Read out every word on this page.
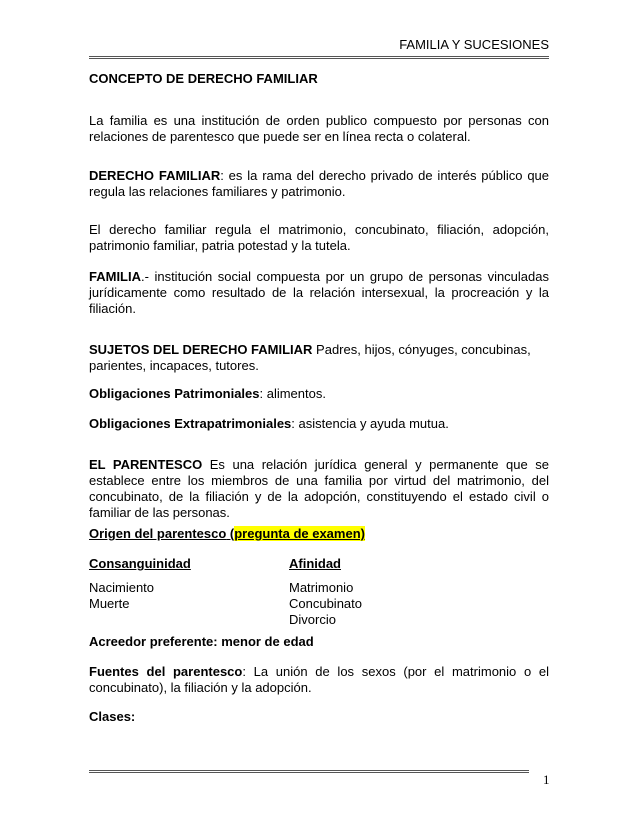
FAMILIA Y SUCESIONES
CONCEPTO DE DERECHO FAMILIAR
La familia es una institución de orden publico compuesto por personas con relaciones de parentesco que puede ser en línea recta o colateral.
DERECHO FAMILIAR: es la rama del derecho privado de interés público que regula las relaciones familiares y patrimonio.
El derecho familiar regula el matrimonio, concubinato, filiación, adopción, patrimonio familiar, patria potestad y la tutela.
FAMILIA.- institución social compuesta por un grupo de personas vinculadas jurídicamente como resultado de la relación intersexual, la procreación y la filiación.
SUJETOS DEL DERECHO FAMILIAR Padres, hijos, cónyuges, concubinas,
parientes, incapaces, tutores.
Obligaciones Patrimoniales: alimentos.
Obligaciones Extrapatrimoniales: asistencia y ayuda mutua.
EL PARENTESCO Es una relación jurídica general y permanente que se establece entre los miembros de una familia por virtud del matrimonio, del concubinato, de la filiación y de la adopción, constituyendo el estado civil o familiar de las personas.
Origen del parentesco (pregunta de examen)
Consanguinidad	Afinidad
Nacimiento
Muerte
Matrimonio
Concubinato
Divorcio
Acreedor preferente: menor de edad
Fuentes del parentesco: La unión de los sexos (por el matrimonio o el concubinato), la filiación y la adopción.
Clases:
1
